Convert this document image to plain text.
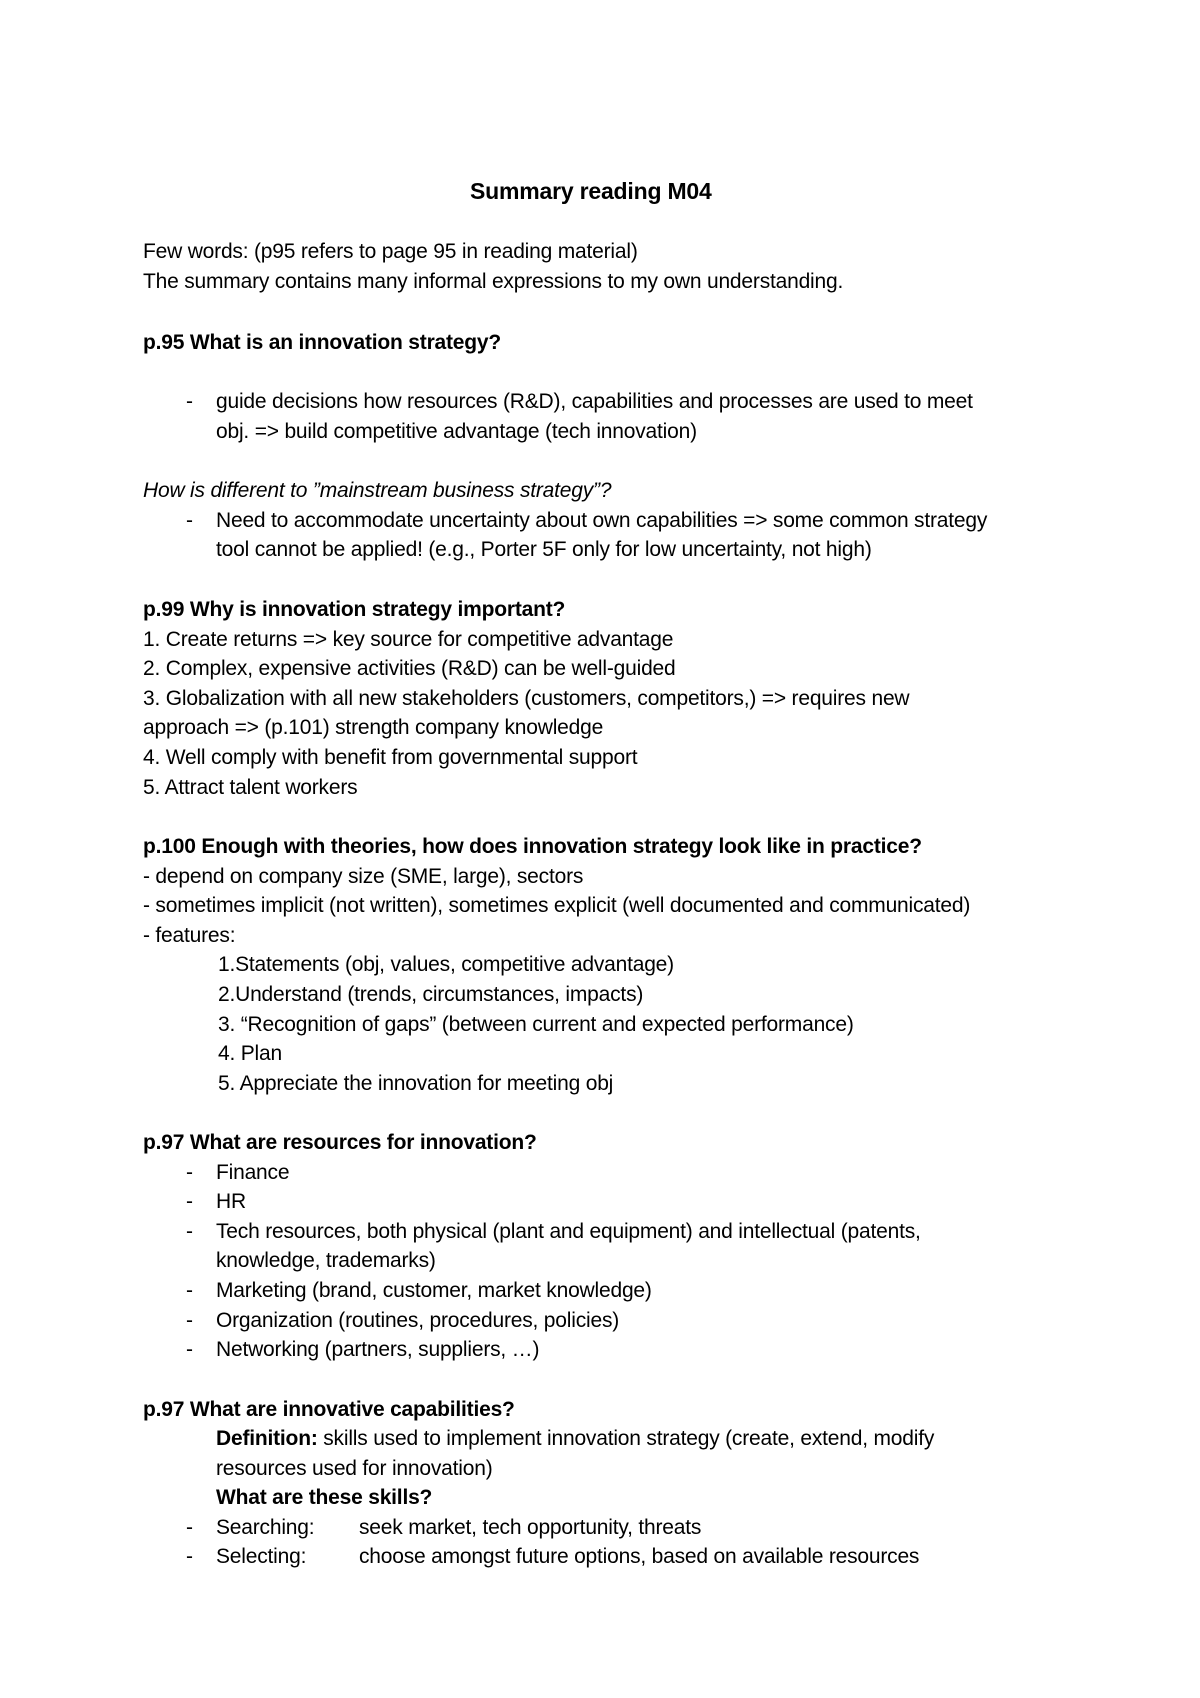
Summary reading M04
Few words: (p95 refers to page 95 in reading material)
The summary contains many informal expressions to my own understanding.
p.95 What is an innovation strategy?
- guide decisions how resources (R&D), capabilities and processes are used to meet
obj. => build competitive advantage (tech innovation)
How is different to ”mainstream business strategy”?
- Need to accommodate uncertainty about own capabilities => some common strategy
tool cannot be applied! (e.g., Porter 5F only for low uncertainty, not high)
p.99 Why is innovation strategy important?
1. Create returns => key source for competitive advantage
2. Complex, expensive activities (R&D) can be well-guided
3. Globalization with all new stakeholders (customers, competitors,) => requires new
approach => (p.101) strength company knowledge
4. Well comply with benefit from governmental support
5. Attract talent workers
p.100 Enough with theories, how does innovation strategy look like in practice?
- depend on company size (SME, large), sectors
- sometimes implicit (not written), sometimes explicit (well documented and communicated)
- features:
1.Statements (obj, values, competitive advantage)
2.Understand (trends, circumstances, impacts)
3. “Recognition of gaps” (between current and expected performance)
4. Plan
5. Appreciate the innovation for meeting obj
p.97 What are resources for innovation?
- Finance
- HR
- Tech resources, both physical (plant and equipment) and intellectual (patents,
knowledge, trademarks)
- Marketing (brand, customer, market knowledge)
- Organization (routines, procedures, policies)
- Networking (partners, suppliers, …)
p.97 What are innovative capabilities?
Definition: skills used to implement innovation strategy (create, extend, modify
resources used for innovation)
What are these skills?
- Searching: seek market, tech opportunity, threats
- Selecting:	choose amongst future options, based on available resources
